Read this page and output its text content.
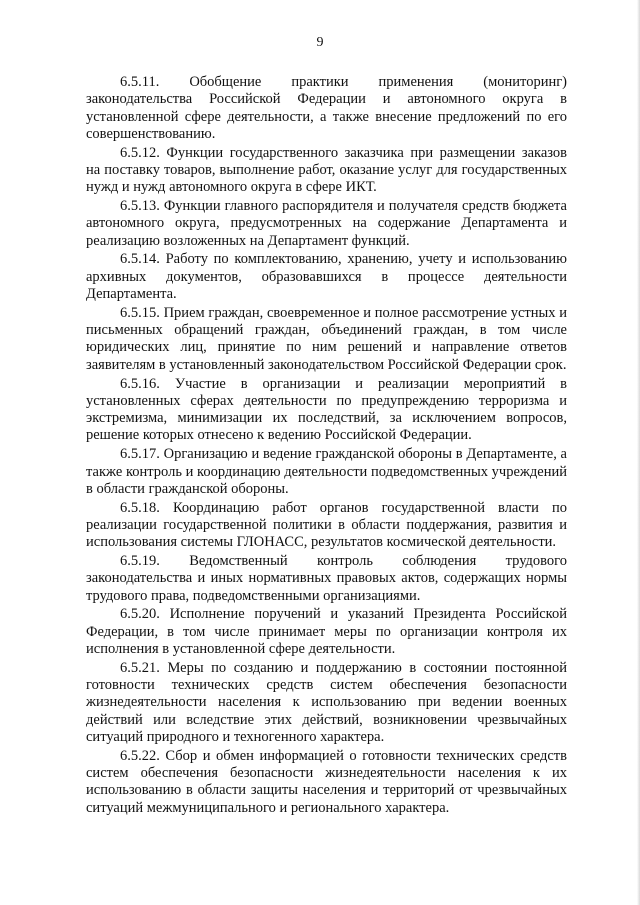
9

6.5.11. Обобщение практики применения (мониторинг) законодательства Российской Федерации и автономного округа в установленной сфере деятельности, а также внесение предложений по его совершенствованию.

6.5.12. Функции государственного заказчика при размещении заказов на поставку товаров, выполнение работ, оказание услуг для государственных нужд и нужд автономного округа в сфере ИКТ.

6.5.13. Функции главного распорядителя и получателя средств бюджета автономного округа, предусмотренных на содержание Департамента и реализацию возложенных на Департамент функций.

6.5.14. Работу по комплектованию, хранению, учету и использованию архивных документов, образовавшихся в процессе деятельности Департамента.

6.5.15. Прием граждан, своевременное и полное рассмотрение устных и письменных обращений граждан, объединений граждан, в том числе юридических лиц, принятие по ним решений и направление ответов заявителям в установленный законодательством Российской Федерации срок.

6.5.16. Участие в организации и реализации мероприятий в установленных сферах деятельности по предупреждению терроризма и экстремизма, минимизации их последствий, за исключением вопросов, решение которых отнесено к ведению Российской Федерации.

6.5.17. Организацию и ведение гражданской обороны в Департаменте, а также контроль и координацию деятельности подведомственных учреждений в области гражданской обороны.

6.5.18. Координацию работ органов государственной власти по реализации государственной политики в области поддержания, развития и использования системы ГЛОНАСС, результатов космической деятельности.

6.5.19. Ведомственный контроль соблюдения трудового законодательства и иных нормативных правовых актов, содержащих нормы трудового права, подведомственными организациями.

6.5.20. Исполнение поручений и указаний Президента Российской Федерации, в том числе принимает меры по организации контроля их исполнения в установленной сфере деятельности.

6.5.21. Меры по созданию и поддержанию в состоянии постоянной готовности технических средств систем обеспечения безопасности жизнедеятельности населения к использованию при ведении военных действий или вследствие этих действий, возникновении чрезвычайных ситуаций природного и техногенного характера.

6.5.22. Сбор и обмен информацией о готовности технических средств систем обеспечения безопасности жизнедеятельности населения к их использованию в области защиты населения и территорий от чрезвычайных ситуаций межмуниципального и регионального характера.
